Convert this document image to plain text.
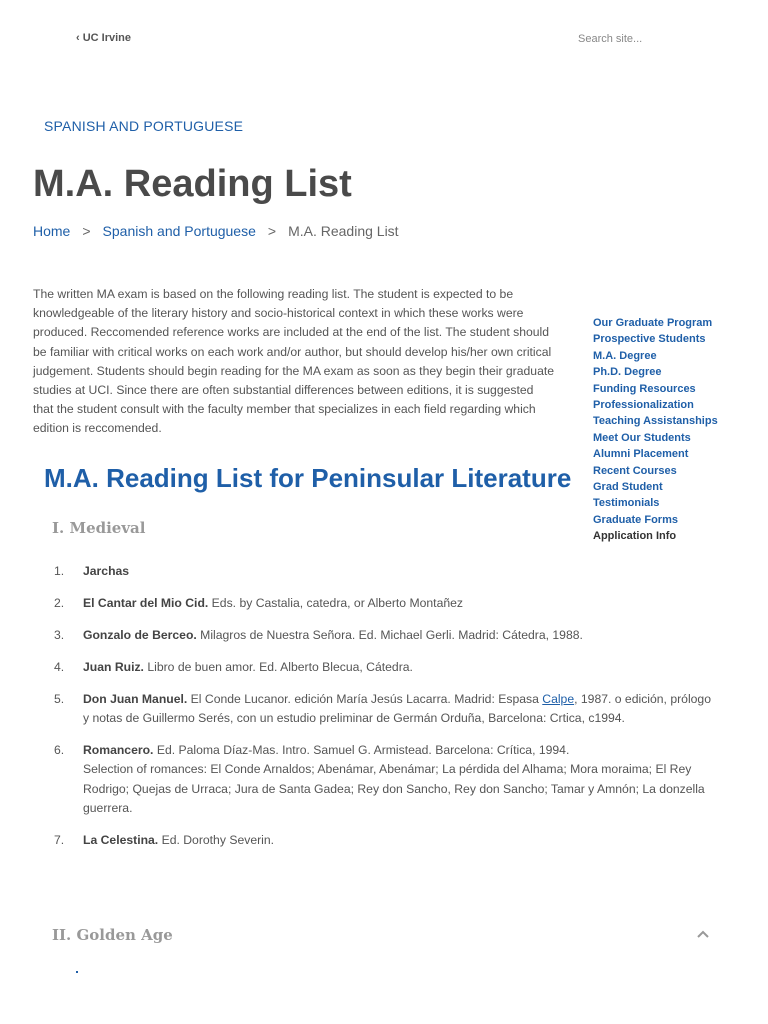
‹ UC Irvine
Search site...
SPANISH AND PORTUGUESE
M.A. Reading List
Home > Spanish and Portuguese > M.A. Reading List

The written MA exam is based on the following reading list. The student is expected to be knowledgeable of the literary history and socio-historical context in which these works were produced. Reccomended reference works are included at the end of the list. The student should be familiar with critical works on each work and/or author, but should develop his/her own critical judgement. Students should begin reading for the MA exam as soon as they begin their graduate studies at UCI. Since there are often substantial differences between editions, it is suggested that the student consult with the faculty member that specializes in each field regarding which edition is reccomended.

Our Graduate Program
Prospective Students
M.A. Degree
Ph.D. Degree
Funding Resources
Professionalization
Teaching Assistanships
Meet Our Students
Alumni Placement
Recent Courses
Grad Student Testimonials
Graduate Forms
Application Info
M.A. Reading List for Peninsular Literature
I. Medieval
1. Jarchas
2. El Cantar del Mio Cid. Eds. by Castalia, catedra, or Alberto Montañez
3. Gonzalo de Berceo. Milagros de Nuestra Señora. Ed. Michael Gerli. Madrid: Cátedra, 1988.
4. Juan Ruiz. Libro de buen amor. Ed. Alberto Blecua, Cátedra.
5. Don Juan Manuel. El Conde Lucanor. edición María Jesús Lacarra. Madrid: Espasa Calpe, 1987. o edición, prólogo y notas de Guillermo Serés, con un estudio preliminar de Germán Orduña, Barcelona: Crtica, c1994.
6. Romancero. Ed. Paloma Díaz-Mas. Intro. Samuel G. Armistead. Barcelona: Crítica, 1994.
Selection of romances: El Conde Arnaldos; Abenámar, Abenámar; La pérdida del Alhama; Mora moraima; El Rey Rodrigo; Quejas de Urraca; Jura de Santa Gadea; Rey don Sancho, Rey don Sancho; Tamar y Amnón; La donzella guerrera.
7. La Celestina. Ed. Dorothy Severin.
II. Golden Age
